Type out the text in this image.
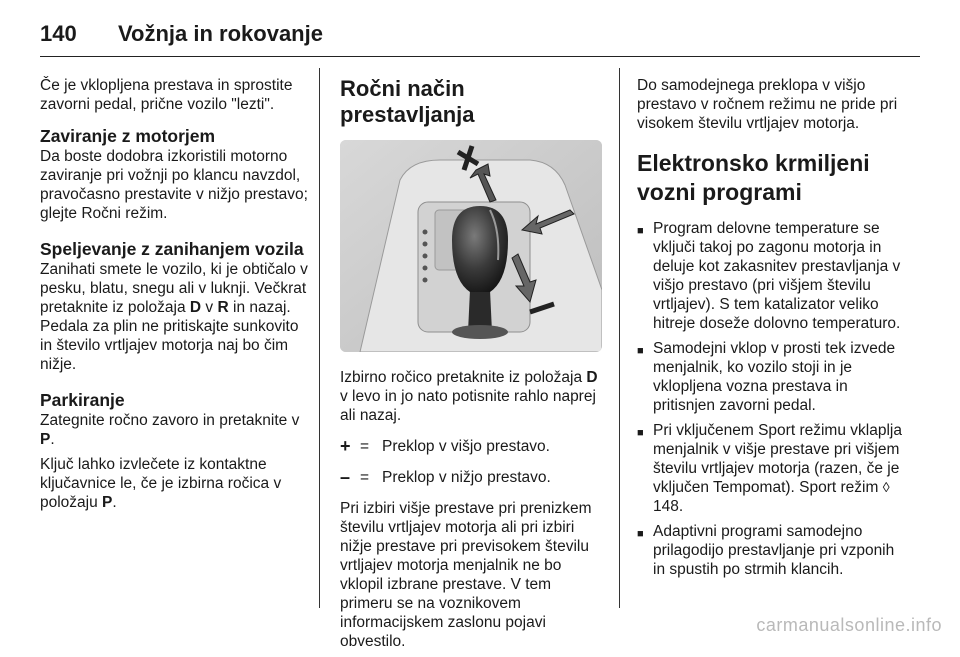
140	Vožnja in rokovanje

Če je vklopljena prestava in sprostite zavorni pedal, prične vozilo "lezti".

Zaviranje z motorjem

Da boste dodobra izkoristili motorno zaviranje pri vožnji po klancu navzdol, pravočasno prestavite v nižjo prestavo; glejte Ročni režim.

Speljevanje z zanihanjem vozila

Zanihati smete le vozilo, ki je obtičalo v pesku, blatu, snegu ali v luknji. Večkrat pretaknite iz položaja D v R in nazaj. Pedala za plin ne pritiskajte sunkovito in število vrtljajev motorja naj bo čim nižje.

Parkiranje

Zategnite ročno zavoro in pretaknite v P.

Ključ lahko izvlečete iz kontaktne ključavnice le, če je izbirna ročica v položaju P.

Ročni način prestavljanja

Izbirno ročico pretaknite iz položaja D v levo in jo nato potisnite rahlo naprej ali nazaj.

+ = Preklop v višjo prestavo.
– = Preklop v nižjo prestavo.

Pri izbiri višje prestave pri prenizkem številu vrtljajev motorja ali pri izbiri nižje prestave pri previsokem številu vrtljajev motorja menjalnik ne bo vklopil izbrane prestave. V tem primeru se na voznikovem informacijskem zaslonu pojavi obvestilo.

Do samodejnega preklopa v višjo prestavo v ročnem režimu ne pride pri visokem številu vrtljajev motorja.

Elektronsko krmiljeni vozni programi
■ Program delovne temperature se vključi takoj po zagonu motorja in deluje kot zakasnitev prestavljanja v višjo prestavo (pri višjem številu vrtljajev). S tem katalizator veliko hitreje doseže dolovno temperaturo.
■ Samodejni vklop v prosti tek izvede menjalnik, ko vozilo stoji in je vklopljena vozna prestava in pritisnjen zavorni pedal.
■ Pri vključenem Sport režimu vklaplja menjalnik v višje prestave pri višjem številu vrtljajev motorja (razen, če je vključen Tempomat). Sport režim ◊ 148.
■ Adaptivni programi samodejno prilagodijo prestavljanje pri vzponih in spustih po strmih klancih.
carmanualsonline.info
